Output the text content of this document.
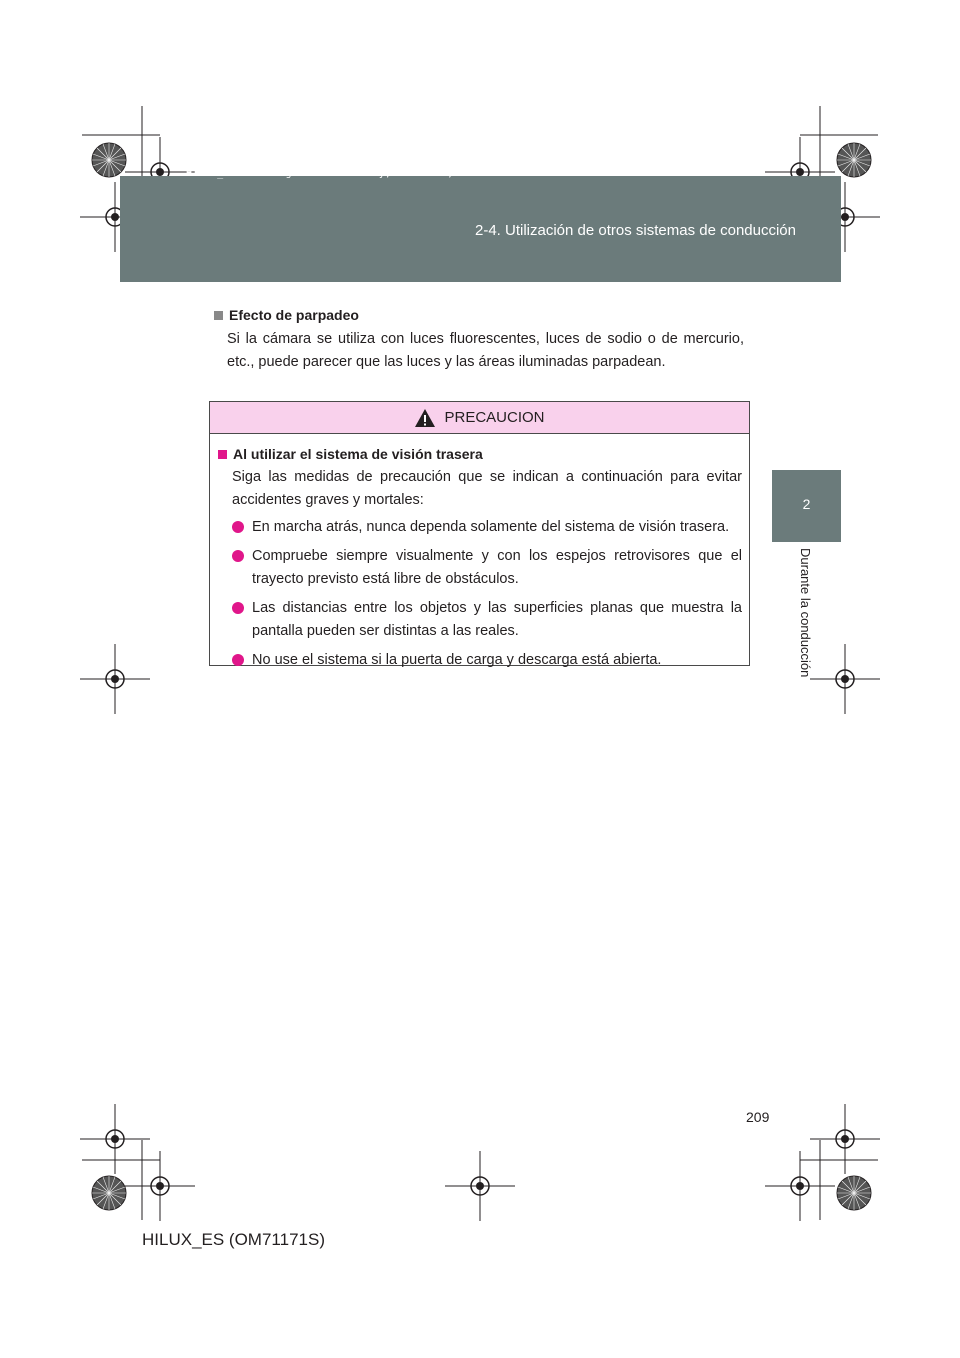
2-4. Utilización de otros sistemas de conducción
HILUX_ES.book Page 209 Wednesday, March 23, 2011 4:15 PM
2
Durante la conducción
Efecto de parpadeo
Si la cámara se utiliza con luces fluorescentes, luces de sodio o de mercurio, etc., puede parecer que las luces y las áreas iluminadas parpadean.
PRECAUCION
Al utilizar el sistema de visión trasera
Siga las medidas de precaución que se indican a continuación para evitar accidentes graves y mortales:
En marcha atrás, nunca dependa solamente del sistema de visión trasera.
Compruebe siempre visualmente y con los espejos retrovisores que el trayecto previsto está libre de obstáculos.
Las distancias entre los objetos y las superficies planas que muestra la pantalla pueden ser distintas a las reales.
No use el sistema si la puerta de carga y descarga está abierta.
209
HILUX_ES (OM71171S)
